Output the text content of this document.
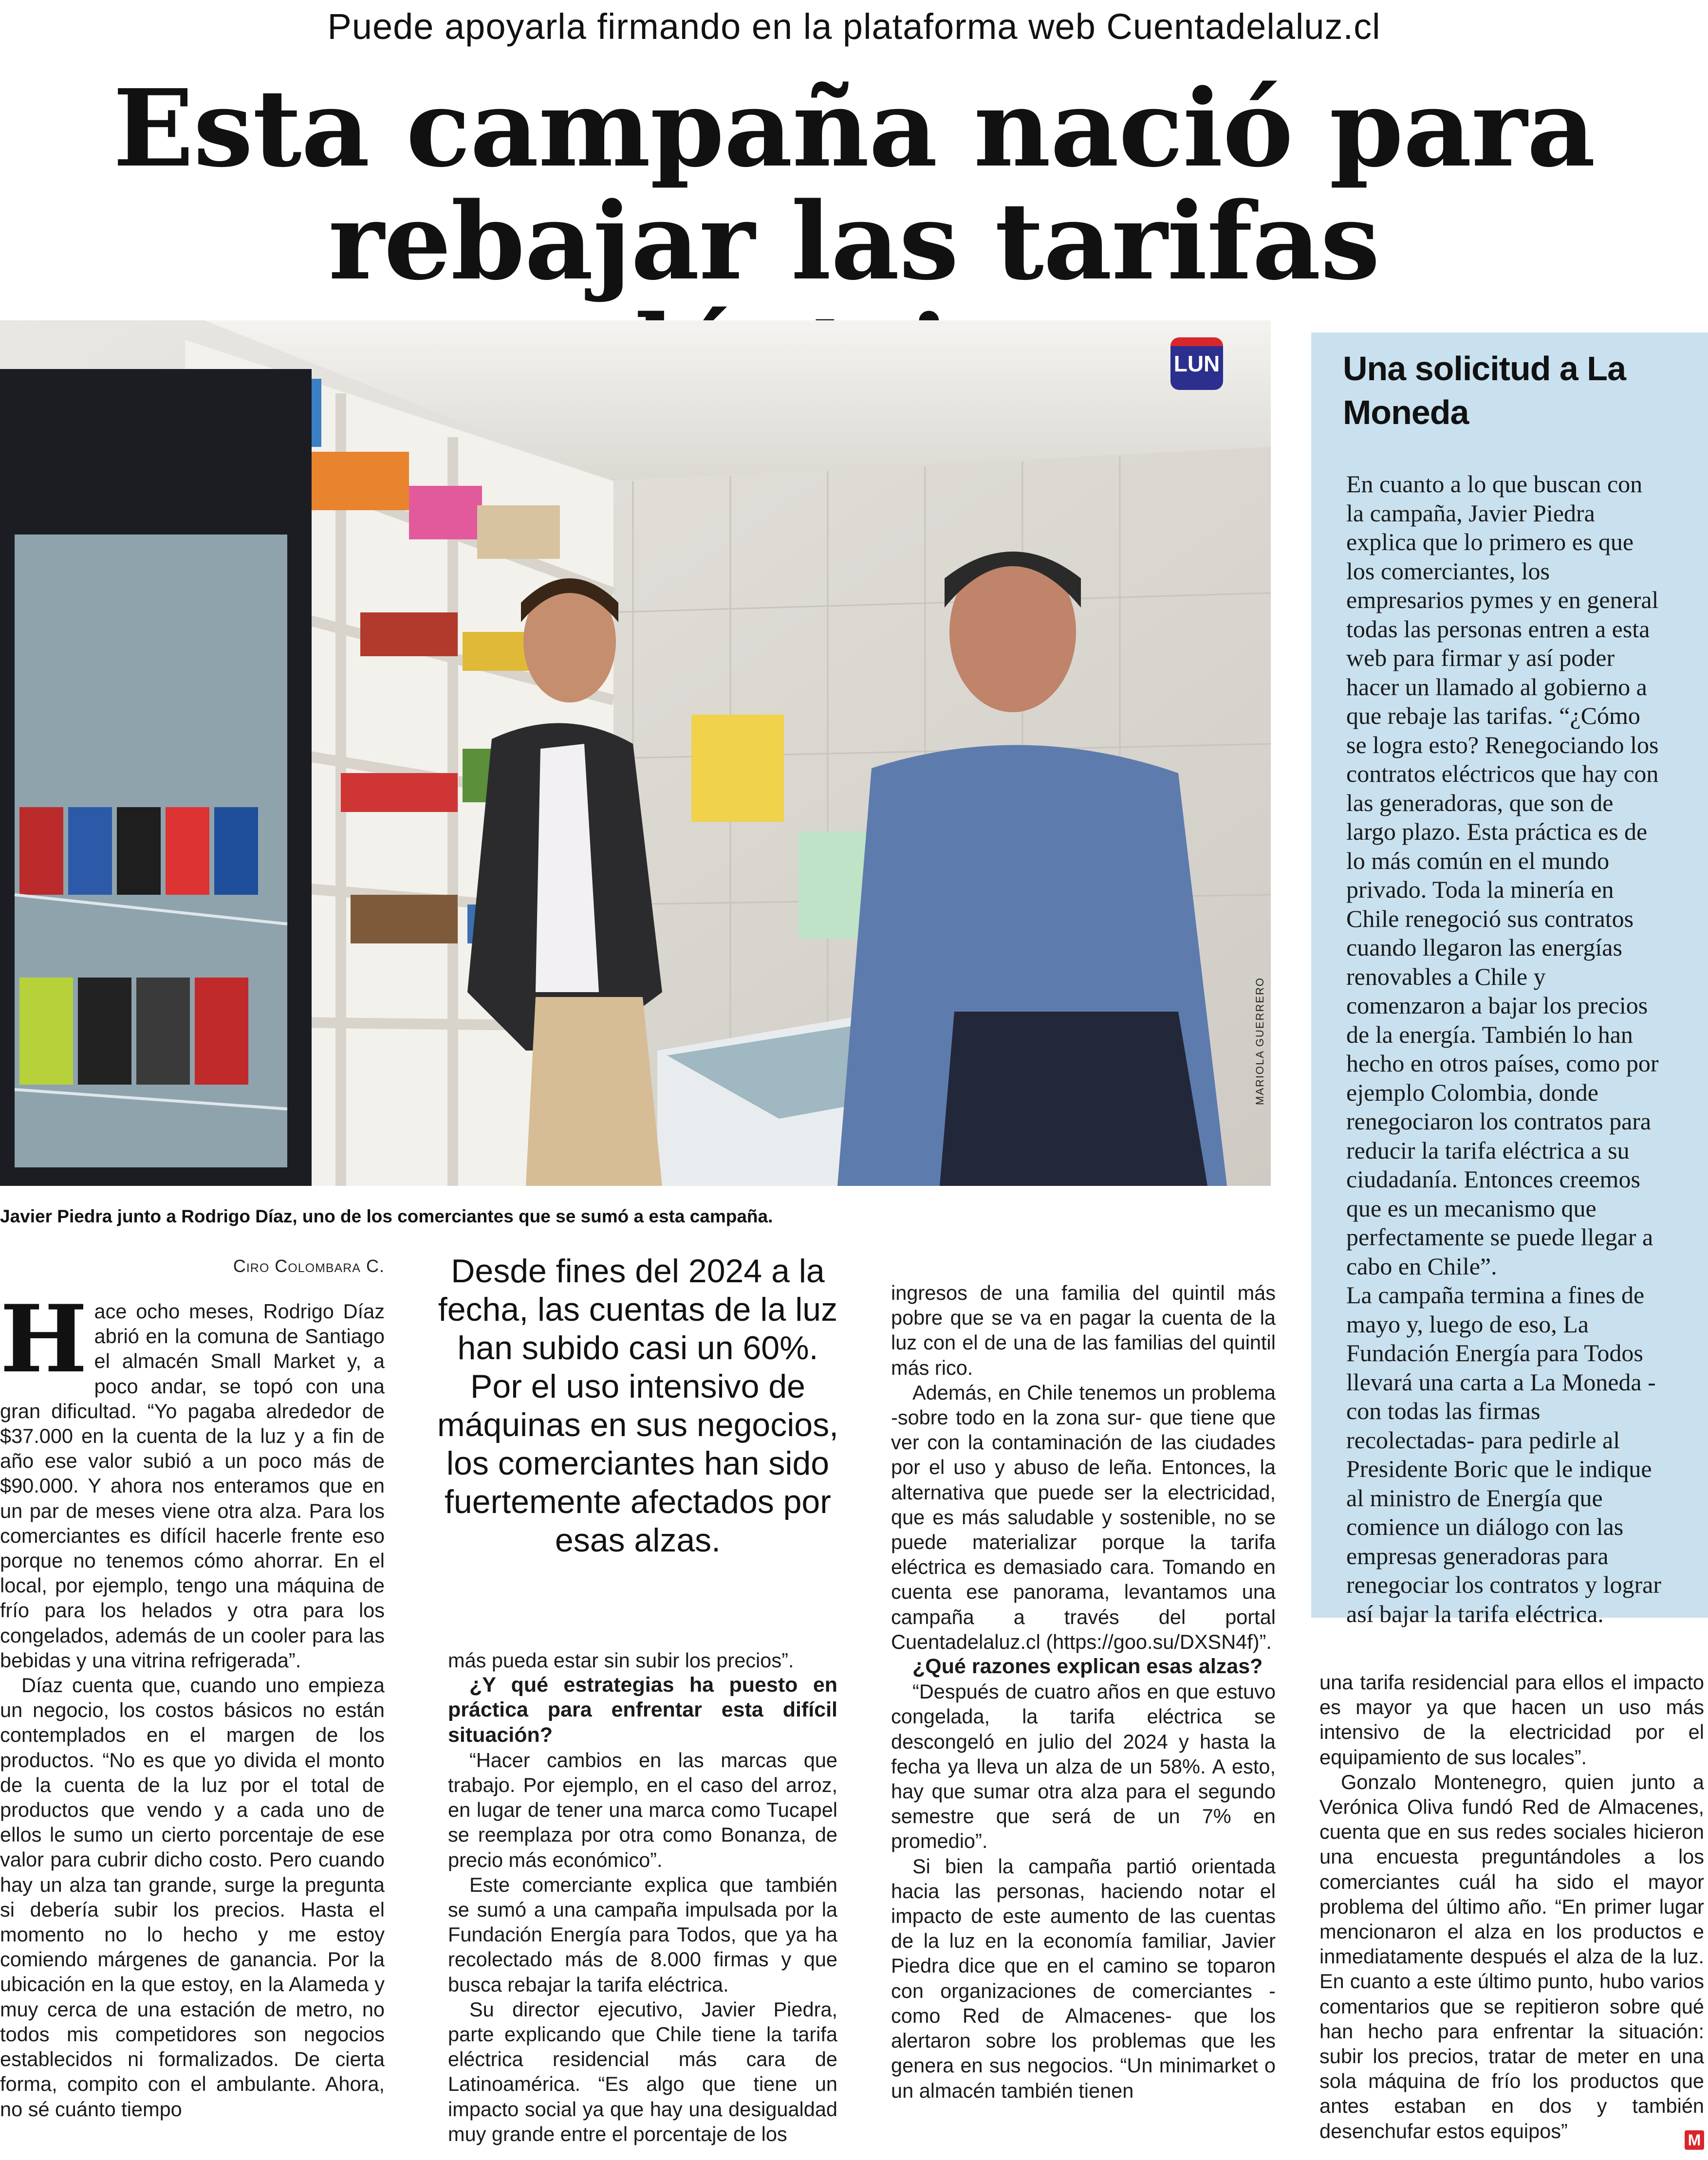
Puede apoyarla firmando en la plataforma web Cuentadelaluz.cl
Esta campaña nació para rebajar las tarifas
LUN
MARIOLA GUERRERO
Javier Piedra junto a Rodrigo Díaz, uno de los comerciantes que se sumó a esta campaña.
Ciro Colombara C.
H ace ocho meses, Rodrigo Díaz abrió en la comuna de Santiago el almacén Small Market y, a poco andar, se topó con una gran dificultad. “Yo pagaba alrededor de $37.000 en la cuenta de la luz y a fin de año ese valor subió a un poco más de $90.000. Y ahora nos enteramos que en un par de meses viene otra alza. Para los comerciantes es difícil hacerle frente eso porque no tenemos cómo ahorrar. En el local, por ejemplo, tengo una máquina de frío para los helados y otra para los congelados, además de un cooler para las bebidas y una vitrina refrigerada”.

Díaz cuenta que, cuando uno empieza un negocio, los costos básicos no están contemplados en el margen de los productos. “No es que yo divida el monto de la cuenta de la luz por el total de productos que vendo y a cada uno de ellos le sumo un cierto porcentaje de ese valor para cubrir dicho costo. Pero cuando hay un alza tan grande, surge la pregunta si debería subir los precios. Hasta el momento no lo hecho y me estoy comiendo márgenes de ganancia. Por la ubicación en la que estoy, en la Alameda y muy cerca de una estación de metro, no todos mis competidores son negocios establecidos ni formalizados. De cierta forma, compito con el ambulante. Ahora, no sé cuánto tiempo

Desde fines del 2024 a la fecha, las cuentas de la luz han subido casi un 60%. Por el uso intensivo de máquinas en sus negocios, los comerciantes han sido fuertemente afectados por esas alzas.

más pueda estar sin subir los precios”.

¿Y qué estrategias ha puesto en práctica para enfrentar esta difícil situación?

“Hacer cambios en las marcas que trabajo. Por ejemplo, en el caso del arroz, en lugar de tener una marca como Tucapel se reemplaza por otra como Bonanza, de precio más económico”.

Este comerciante explica que también se sumó a una campaña impulsada por la Fundación Energía para Todos, que ya ha recolectado más de 8.000 firmas y que busca rebajar la tarifa eléctrica.

Su director ejecutivo, Javier Piedra, parte explicando que Chile tiene la tarifa eléctrica residencial más cara de Latinoamérica. “Es algo que tiene un impacto social ya que hay una desigualdad muy grande entre el porcentaje de los

ingresos de una familia del quintil más pobre que se va en pagar la cuenta de la luz con el de una de las familias del quintil más rico.

Además, en Chile tenemos un problema -sobre todo en la zona sur- que tiene que ver con la contaminación de las ciudades por el uso y abuso de leña. Entonces, la alternativa que puede ser la electricidad, que es más saludable y sostenible, no se puede materializar porque la tarifa eléctrica es demasiado cara. Tomando en cuenta ese panorama, levantamos una campaña a través del portal Cuentadelaluz.cl (https://goo.su/DXSN4f)”.

¿Qué razones explican esas alzas?

“Después de cuatro años en que estuvo congelada, la tarifa eléctrica se descongeló en julio del 2024 y hasta la fecha ya lleva un alza de un 58%. A esto, hay que sumar otra alza para el segundo semestre que será de un 7% en promedio”.

Si bien la campaña partió orientada hacia las personas, haciendo notar el impacto de este aumento de las cuentas de la luz en la economía familiar, Javier Piedra dice que en el camino se toparon con organizaciones de comerciantes -como Red de Almacenes- que los alertaron sobre los problemas que les genera en sus negocios. “Un minimarket o un almacén también tienen

Una solicitud a La Moneda

En cuanto a lo que buscan con la campaña, Javier Piedra explica que lo primero es que los comerciantes, los empresarios pymes y en general todas las personas entren a esta web para firmar y así poder hacer un llamado al gobierno a que rebaje las tarifas. “¿Cómo se logra esto? Renegociando los contratos eléctricos que hay con las generadoras, que son de largo plazo. Esta práctica es de lo más común en el mundo privado. Toda la minería en Chile renegoció sus contratos cuando llegaron las energías renovables a Chile y comenzaron a bajar los precios de la energía. También lo han hecho en otros países, como por ejemplo Colombia, donde renegociaron los contratos para reducir la tarifa eléctrica a su ciudadanía. Entonces creemos que es un mecanismo que perfectamente se puede llegar a cabo en Chile”.

La campaña termina a fines de mayo y, luego de eso, La Fundación Energía para Todos llevará una carta a La Moneda -con todas las firmas recolectadas- para pedirle al Presidente Boric que le indique al ministro de Energía que comience un diálogo con las empresas generadoras para renegociar los contratos y lograr así bajar la tarifa eléctrica.

una tarifa residencial para ellos el impacto es mayor ya que hacen un uso más intensivo de la electricidad por el equipamiento de sus locales”.

Gonzalo Montenegro, quien junto a Verónica Oliva fundó Red de Almacenes, cuenta que en sus redes sociales hicieron una encuesta preguntándoles a los comerciantes cuál ha sido el mayor problema del último año. “En primer lugar mencionaron el alza en los productos e inmediatamente después el alza de la luz. En cuanto a este último punto, hubo varios comentarios que se repitieron sobre qué han hecho para enfrentar la situación: subir los precios, tratar de meter en una sola máquina de frío los productos que antes estaban en dos y también desenchufar estos equipos”	M
